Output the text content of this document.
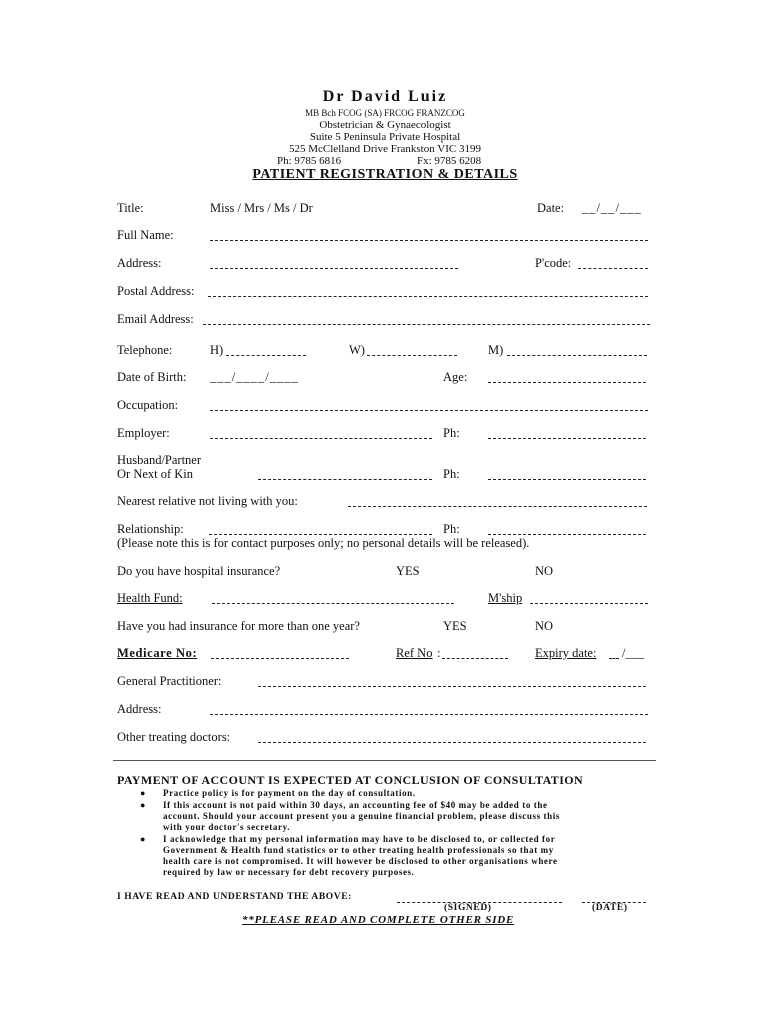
Dr David Luiz
MB Bch FCOG (SA) FRCOG FRANZCOG
Obstetrician & Gynaecologist
Suite 5 Peninsula Private Hospital
525 McClelland Drive Frankston VIC 3199
Ph: 9785 6816	Fx: 9785 6208
PATIENT REGISTRATION & DETAILS
Title:	Miss / Mrs / Ms / Dr	Date: __/__/___
Full Name:
Address:	P'code:
Postal Address:
Email Address:
Telephone:	H)	W)	M)
Date of Birth: ___/____/____	Age:
Occupation:
Employer:	Ph:
Husband/Partner
Or Next of Kin	Ph:
Nearest relative not living with you:
Relationship:	Ph:
(Please note this is for contact purposes only; no personal details will be released).
Do you have hospital insurance?	YES	NO
Health Fund:	M'ship
Have you had insurance for more than one year?	YES	NO
Medicare No:	Ref No :	Expiry date: /___
General Practitioner:
Address:
Other treating doctors:
PAYMENT OF ACCOUNT IS EXPECTED AT CONCLUSION OF CONSULTATION
● Practice policy is for payment on the day of consultation.
● If this account is not paid within 30 days, an accounting fee of $40 may be added to the
account. Should your account present you a genuine financial problem, please discuss this
with your doctor's secretary.
● I acknowledge that my personal information may have to be disclosed to, or collected for
Government & Health fund statistics or to other treating health professionals so that my
health care is not compromised. It will however be disclosed to other organisations where
required by law or necessary for debt recovery purposes.
I HAVE READ AND UNDERSTAND THE ABOVE:
(SIGNED)	(DATE)
**PLEASE READ AND COMPLETE OTHER SIDE
